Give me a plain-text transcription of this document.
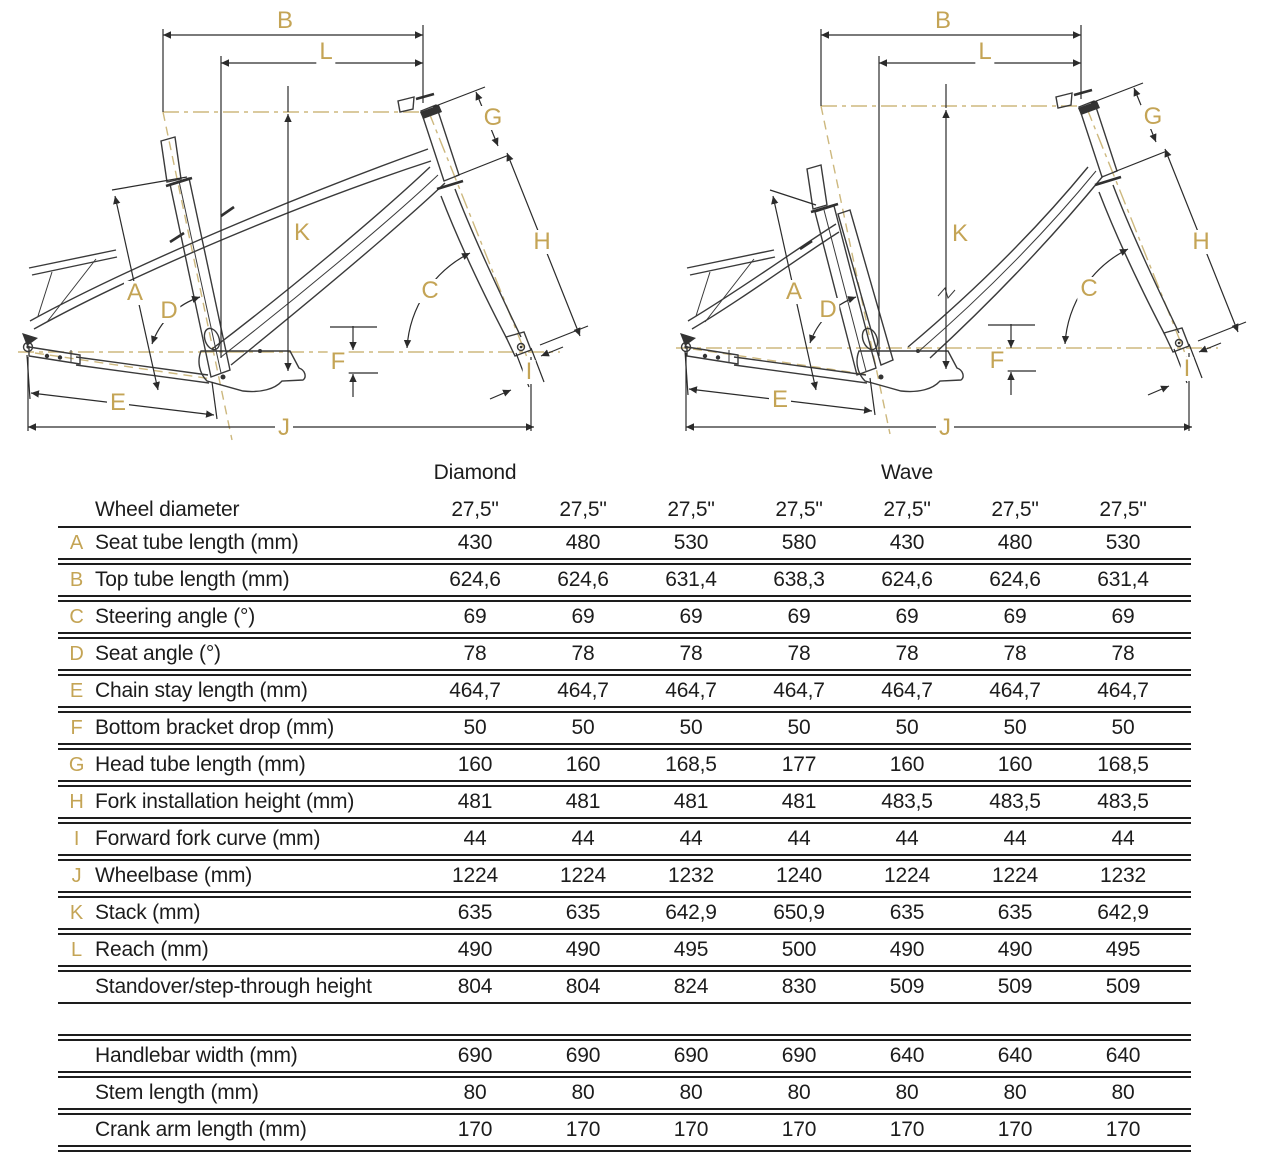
B
L
G
K	H
C
A
D
F	I
E
J
B
L
G
K	H
C
A
D
F	I
E
J
Diamond	Wave
Wheel diameter	27,5"	27,5"	27,5"	27,5"	27,5"	27,5"	27,5"
A Seat tube length (mm)	430	480	530	580	430	480	530
B Top tube length (mm)	624,6	624,6	631,4	638,3	624,6	624,6	631,4
C Steering angle (°)	69	69	69	69	69	69	69
D Seat angle (°)	78	78	78	78	78	78	78
E Chain stay length (mm)	464,7	464,7	464,7	464,7	464,7	464,7	464,7
F Bottom bracket drop (mm)	50	50	50	50	50	50	50
G Head tube length (mm)	160	160	168,5	177	160	160	168,5
H Fork installation height (mm)	481	481	481	481	483,5	483,5	483,5
I Forward fork curve (mm)	44	44	44	44	44	44	44
J Wheelbase (mm)	1224	1224	1232	1240	1224	1224	1232
K Stack (mm)	635	635	642,9	650,9	635	635	642,9
L Reach (mm)	490	490	495	500	490	490	495
Standover/step-through height	804	804	824	830	509	509	509
Handlebar width (mm)	690	690	690	690	640	640	640
Stem length (mm)	80	80	80	80	80	80	80
Crank arm length (mm)	170	170	170	170	170	170	170
